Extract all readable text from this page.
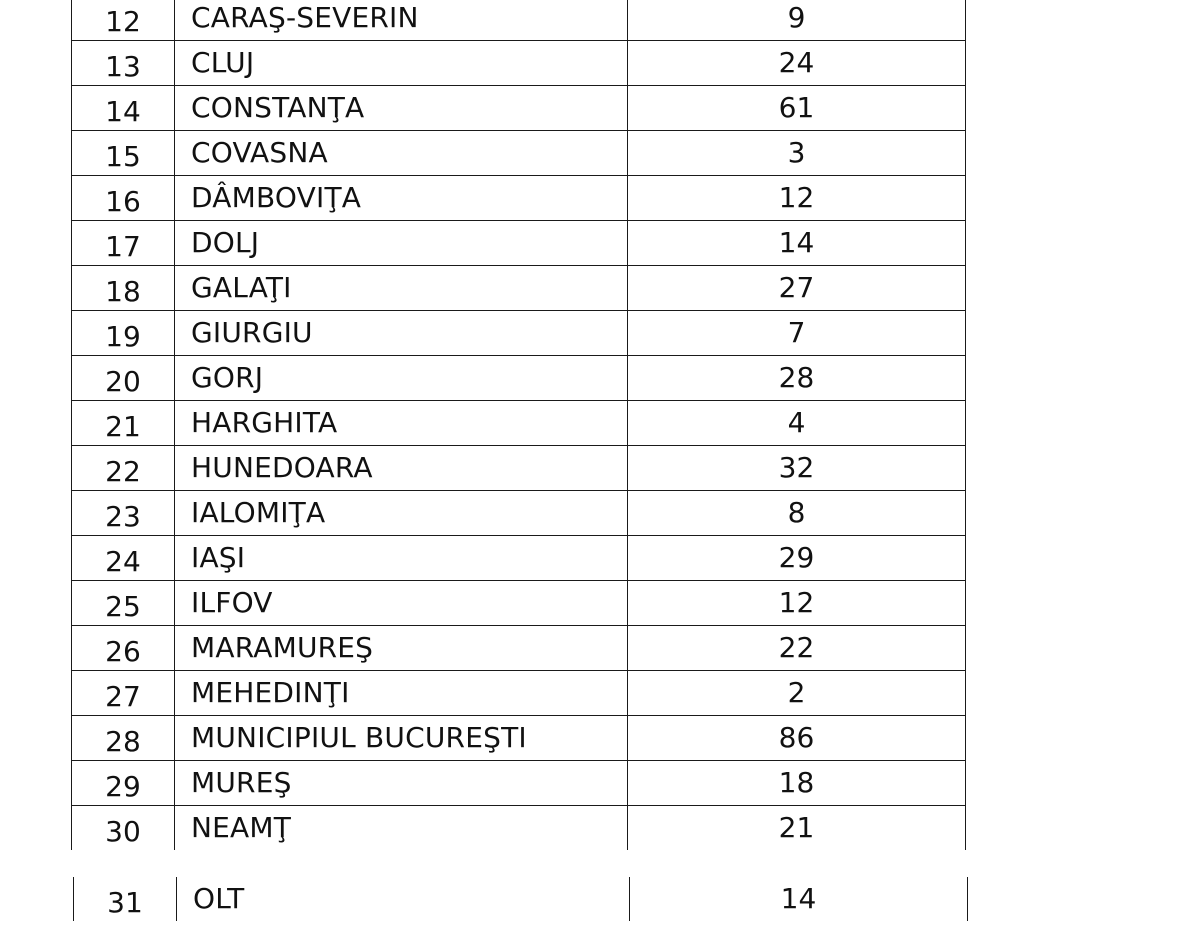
12	CARAŞ-SEVERIN	9
13	CLUJ	24
14	CONSTANŢA	61
15	COVASNA	3
16	DÂMBOVIŢA	12
17	DOLJ	14
18	GALAŢI	27
19	GIURGIU	7
20	GORJ	28
21	HARGHITA	4
22	HUNEDOARA	32
23	IALOMIŢA	8
24	IAŞI	29
25	ILFOV	12
26	MARAMUREŞ	22
27	MEHEDINŢI	2
28	MUNICIPIUL BUCUREŞTI	86
29	MUREŞ	18
30	NEAMŢ	21
31	OLT	14
